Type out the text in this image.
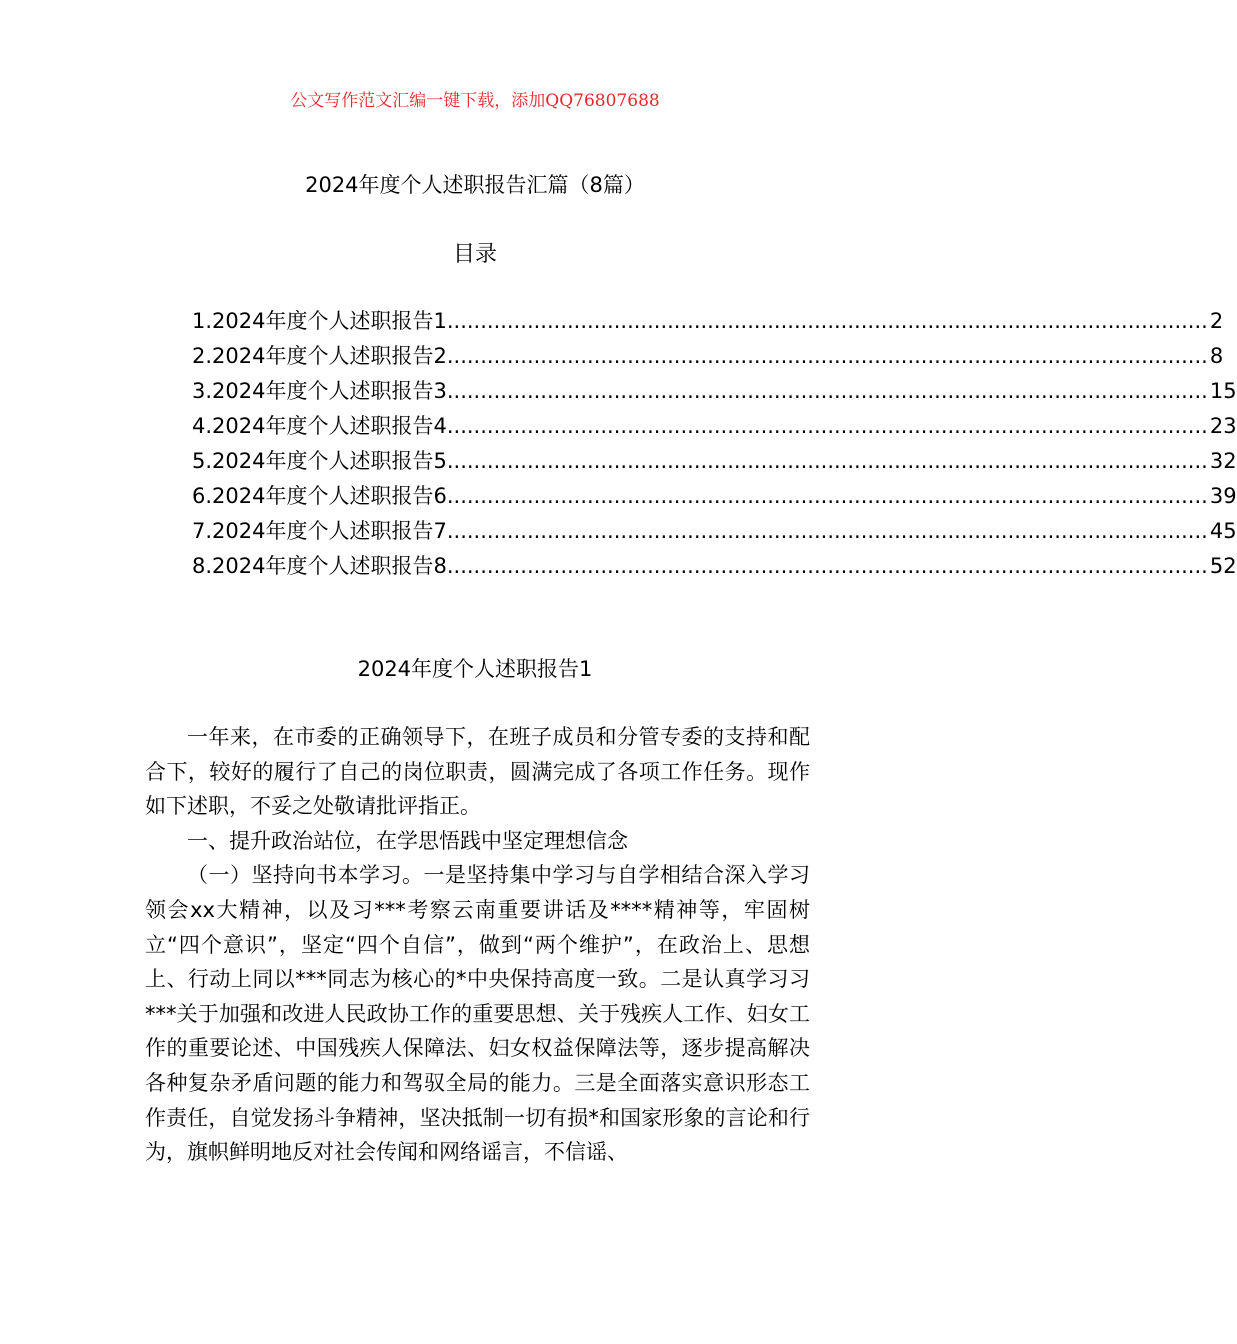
公文写作范文汇编一键下载，添加QQ76807688
2024年度个人述职报告汇篇（8篇）
目录
1.2024年度个人述职报告1 .................................................................................................................. 2
2.2024年度个人述职报告2 .................................................................................................................. 8
3.2024年度个人述职报告3 .................................................................................................................. 15
4.2024年度个人述职报告4 .................................................................................................................. 23
5.2024年度个人述职报告5 .................................................................................................................. 32
6.2024年度个人述职报告6 .................................................................................................................. 39
7.2024年度个人述职报告7 .................................................................................................................. 45
8.2024年度个人述职报告8 .................................................................................................................. 52
2024年度个人述职报告1

一年来，在市委的正确领导下，在班子成员和分管专委的支持和配合下，较好的履行了自己的岗位职责，圆满完成了各项工作任务。现作如下述职，不妥之处敬请批评指正。

一、提升政治站位，在学思悟践中坚定理想信念

（一）坚持向书本学习。一是坚持集中学习与自学相结合深入学习领会xx大精神，以及习***考察云南重要讲话及****精神等，牢固树立“四个意识”，坚定“四个自信”，做到“两个维护”，在政治上、思想上、行动上同以***同志为核心的*中央保持高度一致。二是认真学习习***关于加强和改进人民政协工作的重要思想、关于残疾人工作、妇女工作的重要论述、中国残疾人保障法、妇女权益保障法等，逐步提高解决各种复杂矛盾问题的能力和驾驭全局的能力。三是全面落实意识形态工作责任，自觉发扬斗争精神，坚决抵制一切有损*和国家形象的言论和行为，旗帜鲜明地反对社会传闻和网络谣言，不信谣、
